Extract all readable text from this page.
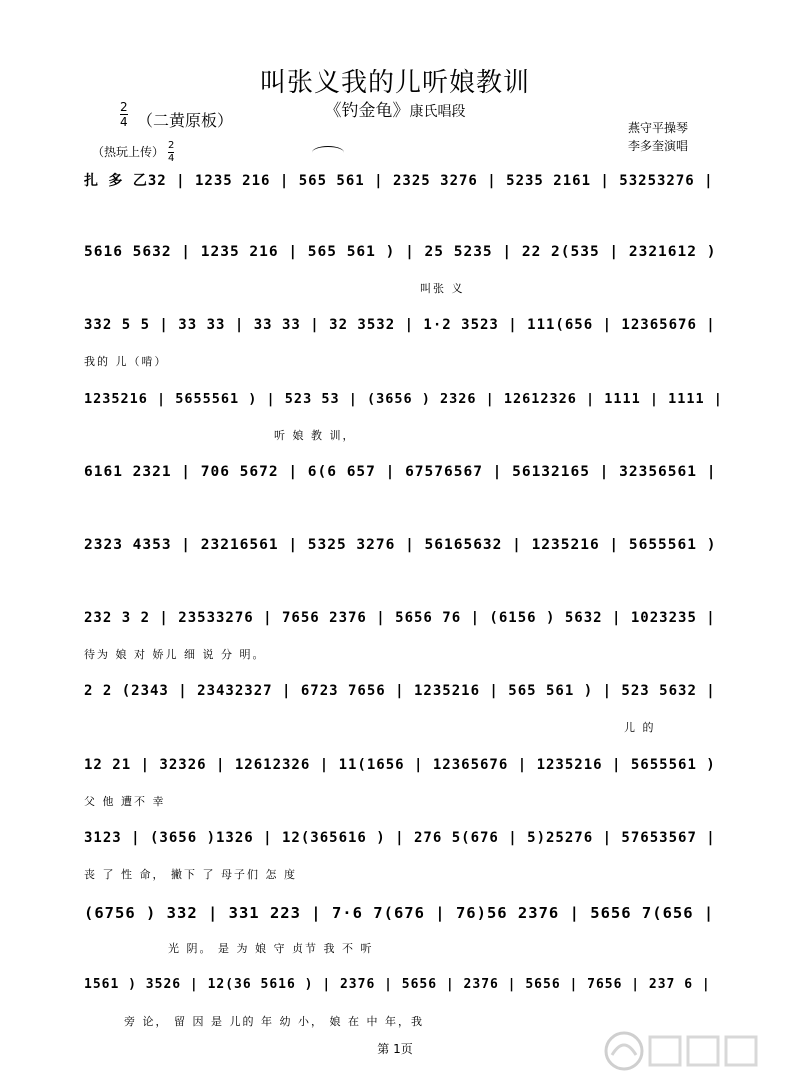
叫张义我的儿听娘教训
《钓金龟》康氏唱段
$\frac{2}{4}$ （二黄原板）
（热玩上传） $\frac{2}{4}$
燕守平操琴
李多奎演唱
扎 多 乙32 | 1235 216 | 565 561 | 2325 3276 | 5235 2161 | 53253276 |
5616 5632 | 1235 216 | 565 561 ) | 25 5235 | 22 2(535 | 2321612 )
叫张 义
332 5 5 | 33 33 | 33 33 | 32 3532 | 1·2 3523 | 111(656 | 12365676 |
我的 儿（啃）
1235216 | 5655561 ) | 523 53 | (3656 ) 2326 | 12612326 | 1111 | 1111 |
听 娘 教 训，
6161 2321 | 706 5672 | 6(6 657 | 67576567 | 56132165 | 32356561 |
2323 4353 | 23216561 | 5325 3276 | 56165632 | 1235216 | 5655561 )
232 3 2 | 23533276 | 7656 2376 | 5656 76 | (6156 ) 5632 | 1023235 |
待为 娘 对 娇儿 细 说 分 明。
2 2 (2343 | 23432327 | 6723 7656 | 1235216 | 565 561 ) | 523 5632 |
儿 的
12 21 | 32326 | 12612326 | 11(1656 | 12365676 | 1235216 | 5655561 )
父 他 遭不 幸
3123 | (3656 )1326 | 12(365616 ) | 276 5(676 | 5)25276 | 57653567 |
丧 了 性 命， 撇下 了 母子们 怎 度
(6756 ) 332 | 331 223 | 7·6 7(676 | 76)56 2376 | 5656 7(656 |
光 阴。 是 为 娘 守 贞节 我 不 听
1561 ) 3526 | 12(36 5616 ) | 2376 | 5656 | 2376 | 5656 | 7656 | 237 6 |
旁 论， 留 因 是 儿的 年 幼 小， 娘 在 中 年，我
第 1页
